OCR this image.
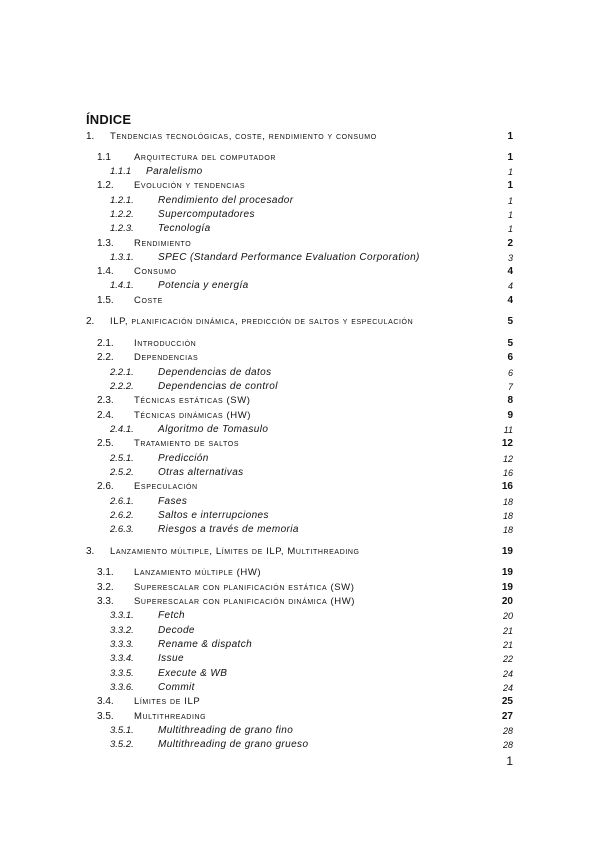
ÍNDICE
1. Tendencias tecnológicas, coste, rendimiento y consumo	1
1.1 Arquitectura del computador	1
1.1.1 Paralelismo	1
1.2. Evolución y tendencias	1
1.2.1. Rendimiento del procesador	1
1.2.2. Supercomputadores	1
1.2.3. Tecnología	1
1.3. Rendimiento	2
1.3.1. SPEC (Standard Performance Evaluation Corporation)	3
1.4. Consumo	4
1.4.1. Potencia y energía	4
1.5. Coste	4
2. ILP, planificación dinámica, predicción de saltos y especulación	5
2.1. Introducción	5
2.2. Dependencias	6
2.2.1. Dependencias de datos	6
2.2.2. Dependencias de control	7
2.3. Técnicas estáticas (SW)	8
2.4. Técnicas dinámicas (HW)	9
2.4.1. Algoritmo de Tomasulo	11
2.5. Tratamiento de saltos	12
2.5.1. Predicción	12
2.5.2. Otras alternativas	16
2.6. Especulación	16
2.6.1. Fases	18
2.6.2. Saltos e interrupciones	18
2.6.3. Riesgos a través de memoria	18
3. Lanzamiento múltiple, Límites de ILP, Multithreading	19
3.1. Lanzamiento múltiple (HW)	19
3.2. Superescalar con planificación estática (SW)	19
3.3. Superescalar con planificación dinámica (HW)	20
3.3.1. Fetch	20
3.3.2. Decode	21
3.3.3. Rename & dispatch	21
3.3.4. Issue	22
3.3.5. Execute & WB	24
3.3.6. Commit	24
3.4. Límites de ILP	25
3.5. Multithreading	27
3.5.1. Multithreading de grano fino	28
3.5.2. Multithreading de grano grueso	28
1
